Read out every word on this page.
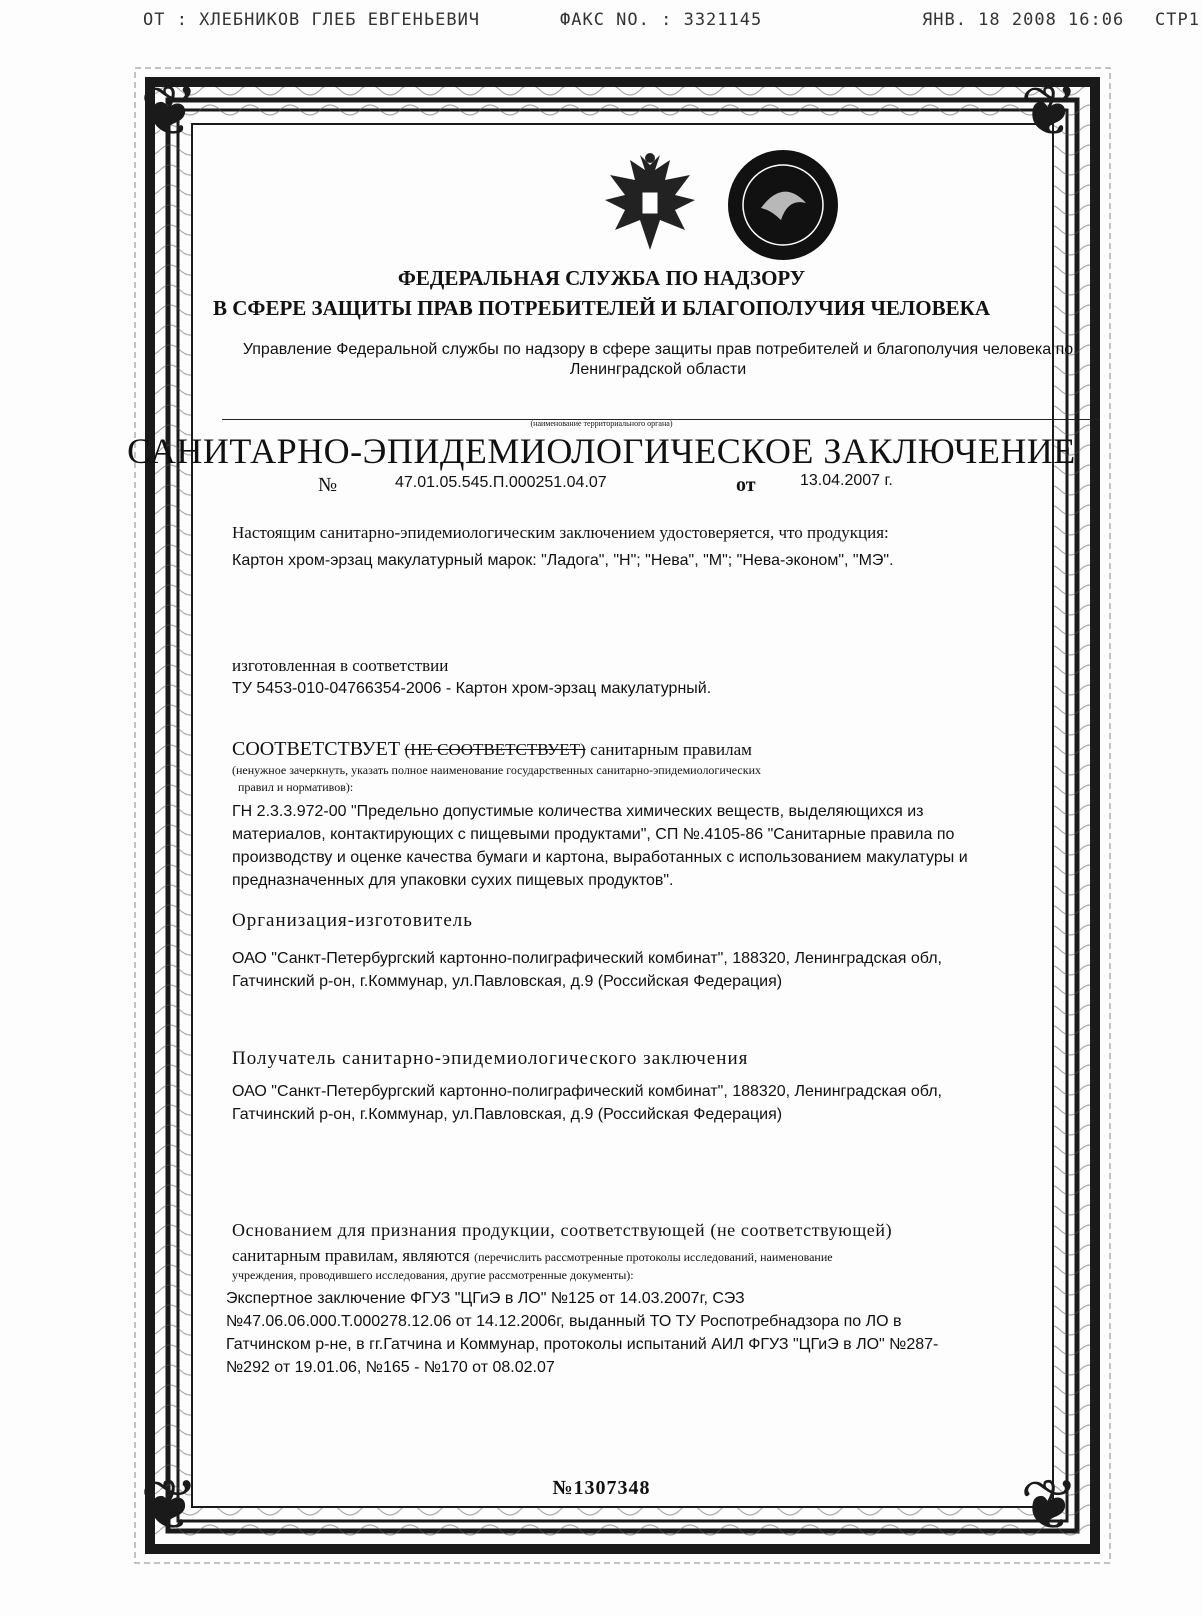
ОТ : ХЛЕБНИКОВ ГЛЕБ ЕВГЕНЬЕВИЧ	ФАКС NO. : 3321145	ЯНВ. 18 2008 16:06 СТР1
❦	❦
❦	❦
ФЕДЕРАЛЬНАЯ СЛУЖБА ПО НАДЗОРУ
В СФЕРЕ ЗАЩИТЫ ПРАВ ПОТРЕБИТЕЛЕЙ И БЛАГОПОЛУЧИЯ ЧЕЛОВЕКА
Управление Федеральной службы по надзору в сфере защиты прав потребителей и благополучия человека по Ленинградской области
(наименование территориального органа)
САНИТАРНО-ЭПИДЕМИОЛОГИЧЕСКОЕ ЗАКЛЮЧЕНИЕ
№	47.01.05.545.П.000251.04.07	от	13.04.2007 г.
Настоящим санитарно-эпидемиологическим заключением удостоверяется, что продукция:
Картон хром-эрзац макулатурный марок: "Ладога", "Н"; "Нева", "М"; "Нева-эконом", "МЭ".
изготовленная в соответствии
ТУ 5453-010-04766354-2006 - Картон хром-эрзац макулатурный.
СООТВЕТСТВУЕТ (НЕ СООТВЕТСТВУЕТ) санитарным правилам
(ненужное зачеркнуть, указать полное наименование государственных санитарно-эпидемиологических
правил и нормативов):
ГН 2.3.3.972-00 "Предельно допустимые количества химических веществ, выделяющихся из
материалов, контактирующих с пищевыми продуктами", СП №.4105-86 "Санитарные правила по
производству и оценке качества бумаги и картона, выработанных с использованием макулатуры и
предназначенных для упаковки сухих пищевых продуктов".
Организация-изготовитель
ОАО "Санкт-Петербургский картонно-полиграфический комбинат", 188320, Ленинградская обл,
Гатчинский р-он, г.Коммунар, ул.Павловская, д.9 (Российская Федерация)
Получатель санитарно-эпидемиологического заключения
ОАО "Санкт-Петербургский картонно-полиграфический комбинат", 188320, Ленинградская обл,
Гатчинский р-он, г.Коммунар, ул.Павловская, д.9 (Российская Федерация)
Основанием для признания продукции, соответствующей (не соответствующей)
санитарным правилам, являются (перечислить рассмотренные протоколы исследований, наименование
учреждения, проводившего исследования, другие рассмотренные документы):
Экспертное заключение ФГУЗ "ЦГиЭ в ЛО" №125 от 14.03.2007г, СЭЗ
№47.06.06.000.Т.000278.12.06 от 14.12.2006г, выданный ТО ТУ Роспотребнадзора по ЛО в
Гатчинском р-не, в гг.Гатчина и Коммунар, протоколы испытаний АИЛ ФГУЗ "ЦГиЭ в ЛО" №287-
№292 от 19.01.06, №165 - №170 от 08.02.07
№1307348
